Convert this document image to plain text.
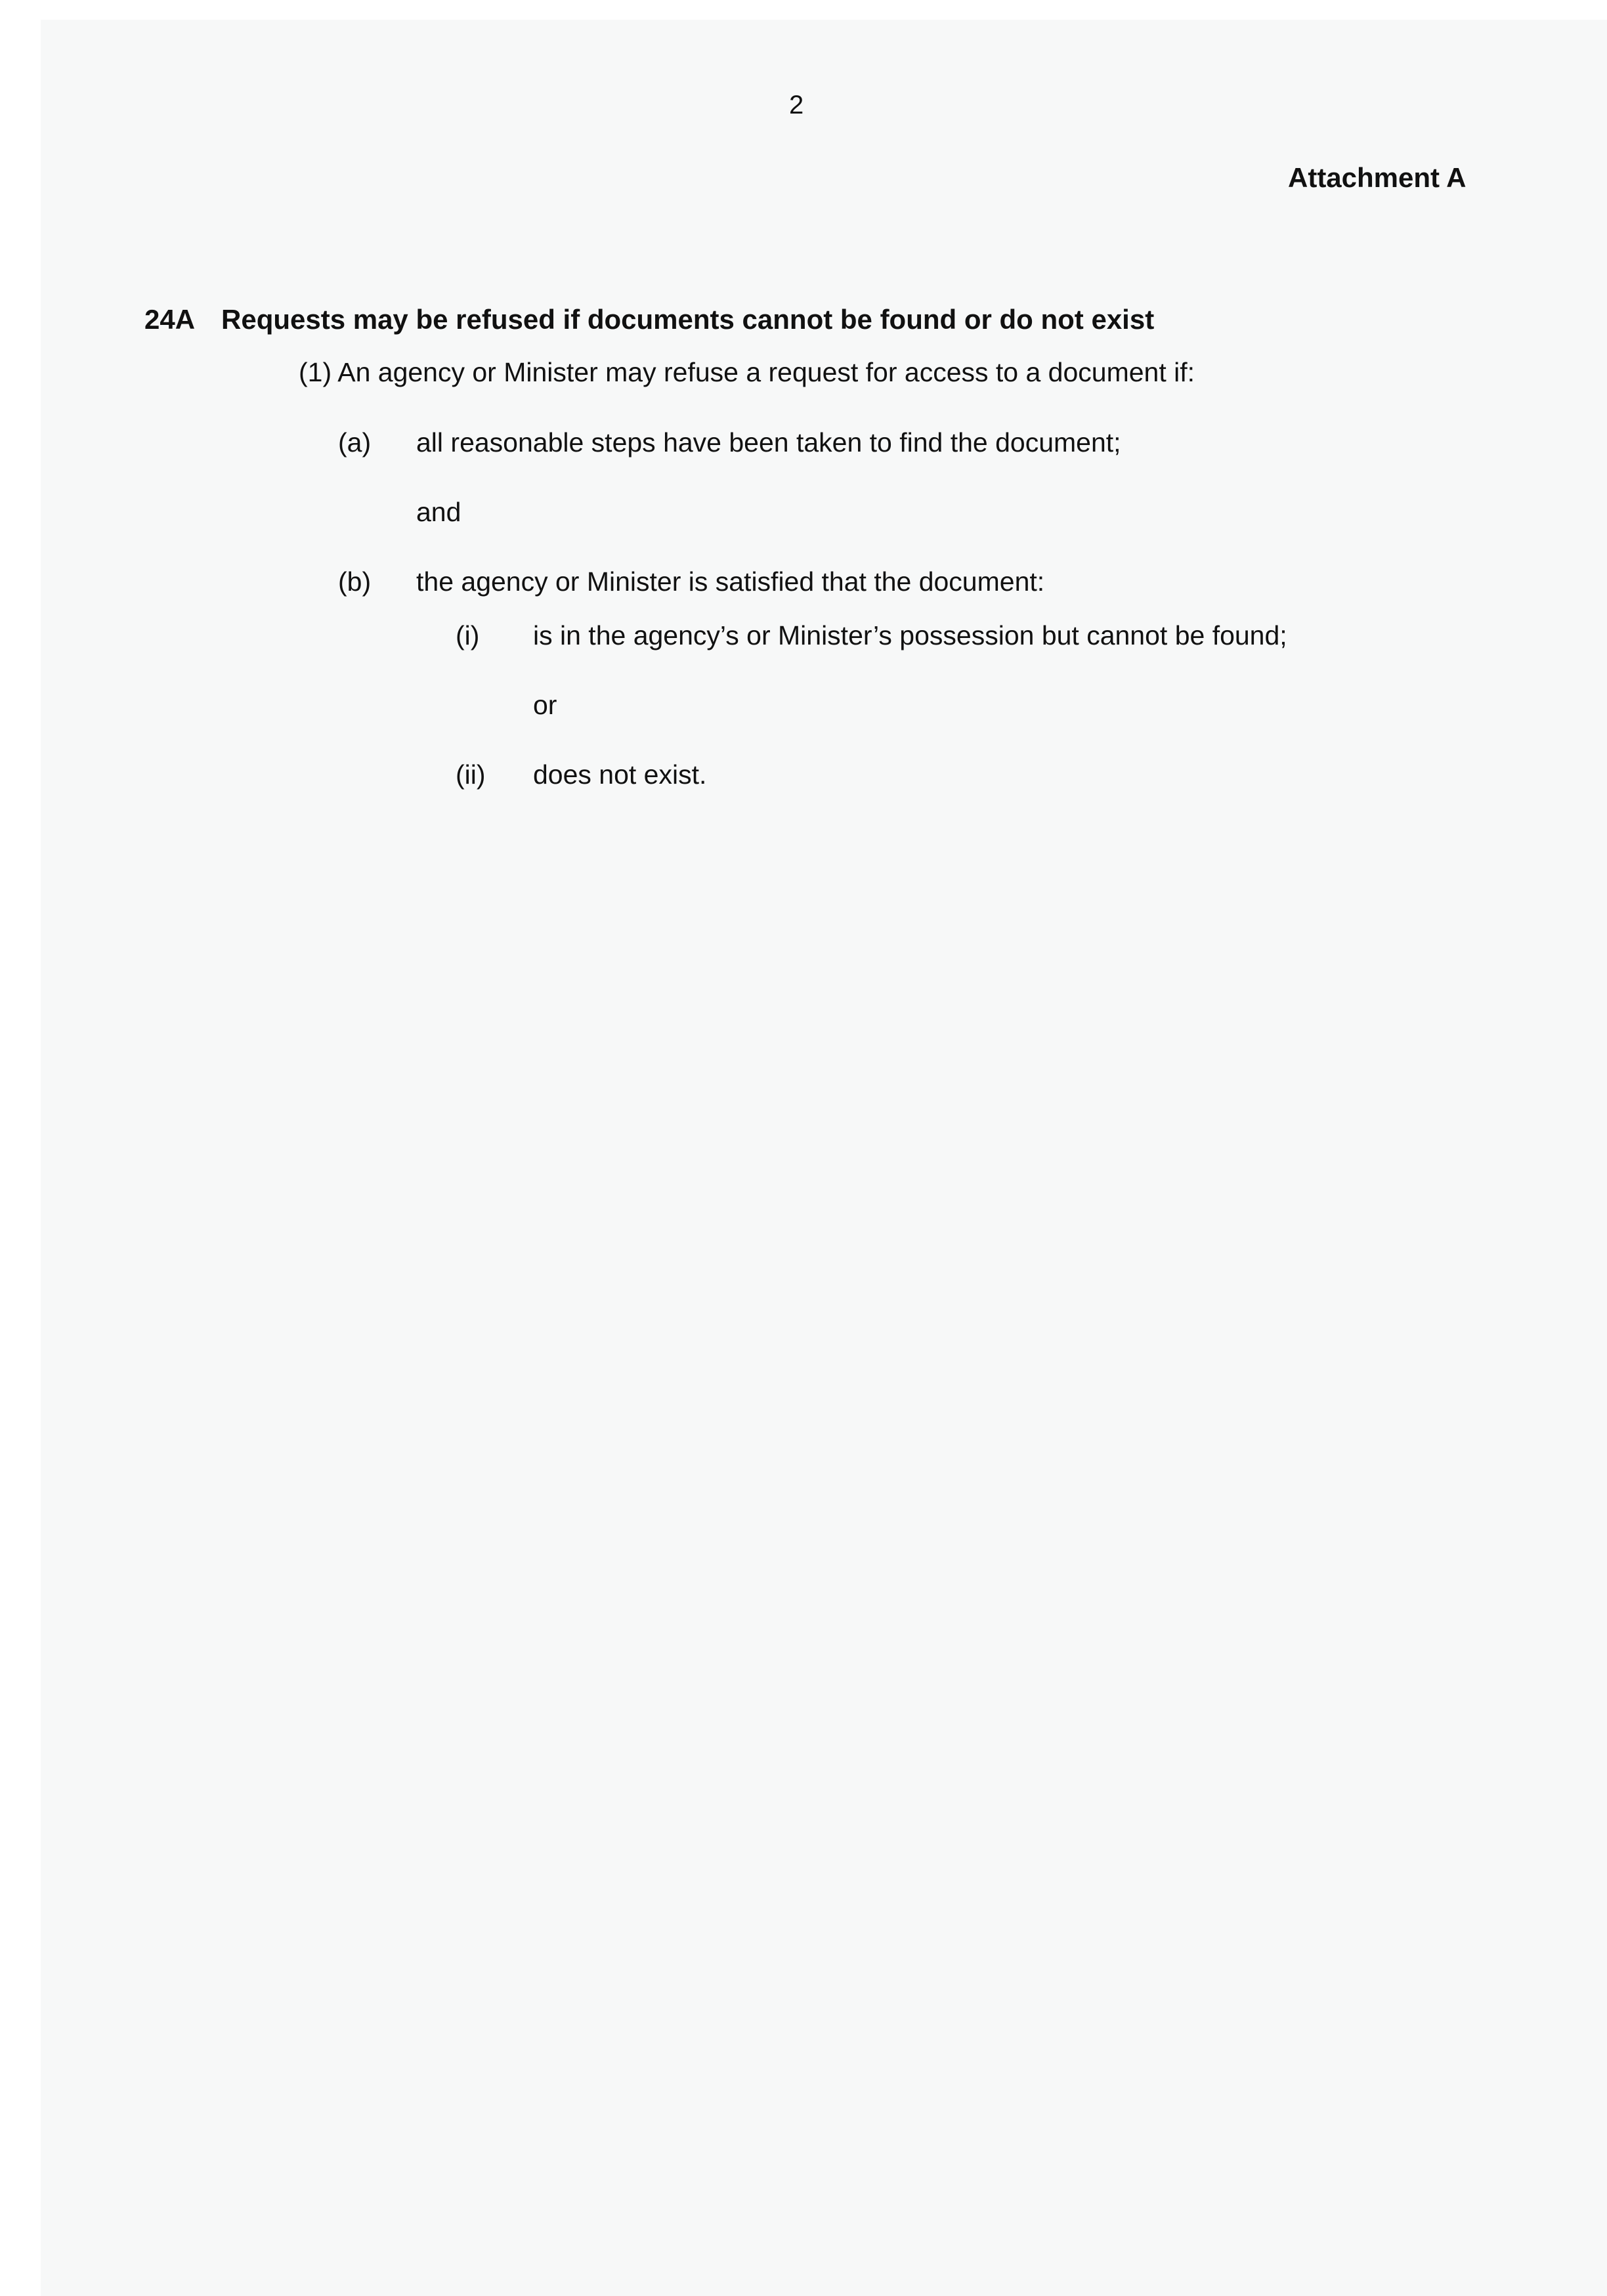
2
Attachment A
24A Requests may be refused if documents cannot be found or do not exist
(1) An agency or Minister may refuse a request for access to a document if:
(a) all reasonable steps have been taken to find the document;
and
(b) the agency or Minister is satisfied that the document:
(i) is in the agency’s or Minister’s possession but cannot be found;
or
(ii) does not exist.
